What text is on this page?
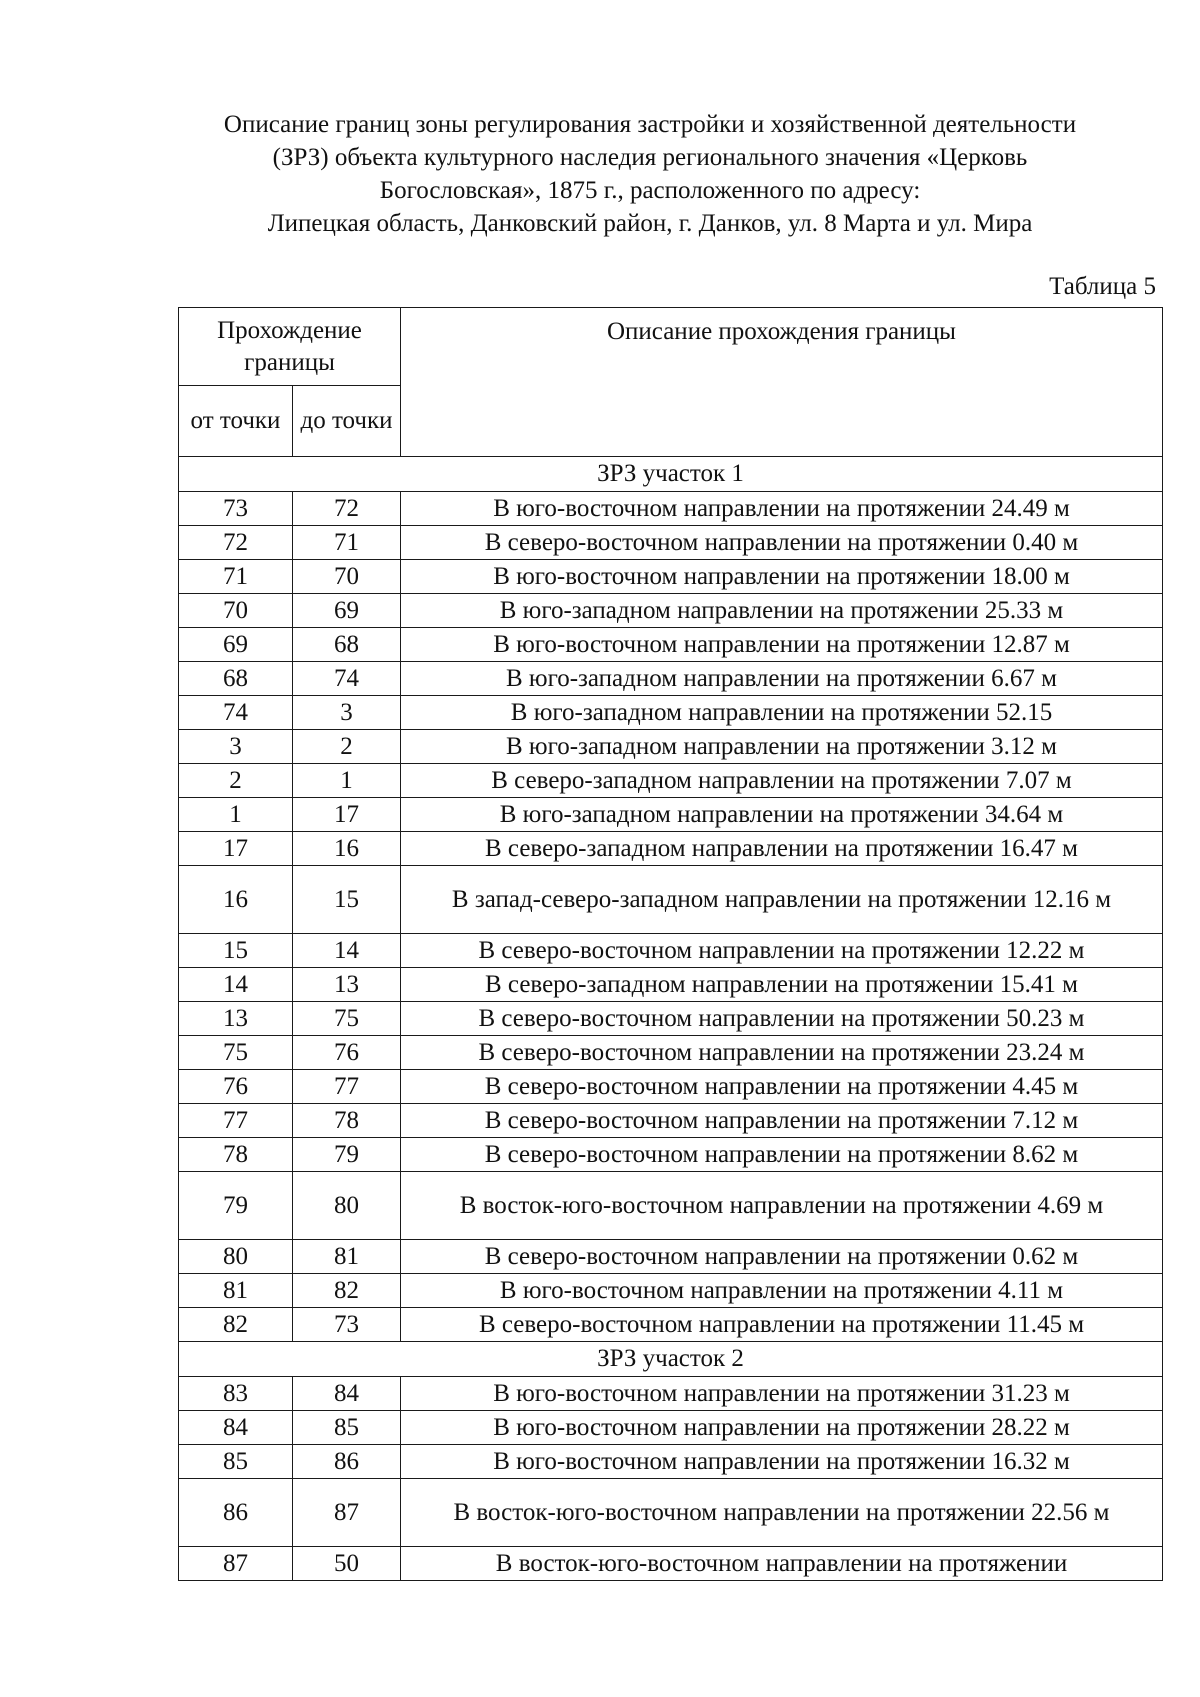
Описание границ зоны регулирования застройки и хозяйственной деятельности
(ЗРЗ) объекта культурного наследия регионального значения «Церковь
Богословская», 1875 г., расположенного по адресу:
Липецкая область, Данковский район, г. Данков, ул. 8 Марта и ул. Мира
Таблица 5
Прохождение границы		Описание прохождения границы
от точки	до точки	
ЗРЗ участок 1		
73	72	В юго-восточном направлении на протяжении 24.49 м
72	71	В северо-восточном направлении на протяжении 0.40 м
71	70	В юго-восточном направлении на протяжении 18.00 м
70	69	В юго-западном направлении на протяжении 25.33 м
69	68	В юго-восточном направлении на протяжении 12.87 м
68	74	В юго-западном направлении на протяжении 6.67 м
74	3	В юго-западном направлении на протяжении 52.15
3	2	В юго-западном направлении на протяжении 3.12 м
2	1	В северо-западном направлении на протяжении 7.07 м
1	17	В юго-западном направлении на протяжении 34.64 м
17	16	В северо-западном направлении на протяжении 16.47 м
16	15	В запад-северо-западном направлении на протяжении 12.16 м
15	14	В северо-восточном направлении на протяжении 12.22 м
14	13	В северо-западном направлении на протяжении 15.41 м
13	75	В северо-восточном направлении на протяжении 50.23 м
75	76	В северо-восточном направлении на протяжении 23.24 м
76	77	В северо-восточном направлении на протяжении 4.45 м
77	78	В северо-восточном направлении на протяжении 7.12 м
78	79	В северо-восточном направлении на протяжении 8.62 м
79	80	В восток-юго-восточном направлении на протяжении 4.69 м
80	81	В северо-восточном направлении на протяжении 0.62 м
81	82	В юго-восточном направлении на протяжении 4.11 м
82	73	В северо-восточном направлении на протяжении 11.45 м
ЗРЗ участок 2		
83	84	В юго-восточном направлении на протяжении 31.23 м
84	85	В юго-восточном направлении на протяжении 28.22 м
85	86	В юго-восточном направлении на протяжении 16.32 м
86	87	В восток-юго-восточном направлении на протяжении 22.56 м
87	50	В восток-юго-восточном направлении на протяжении
